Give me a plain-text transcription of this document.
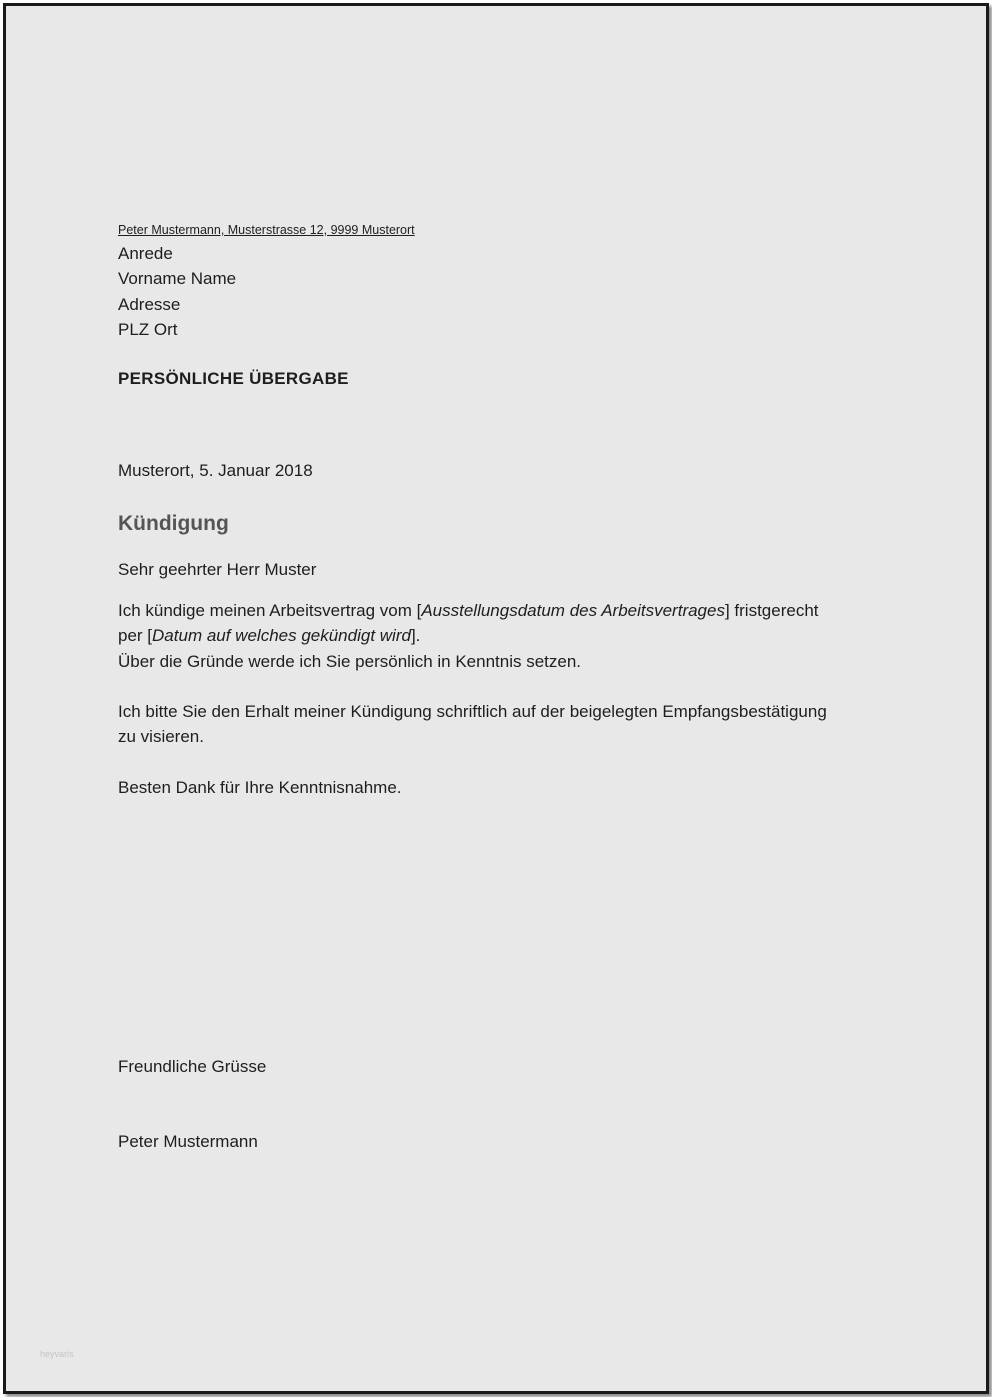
Peter Mustermann, Musterstrasse 12, 9999 Musterort
Anrede
Vorname Name
Adresse
PLZ Ort
PERSÖNLICHE ÜBERGABE
Musterort, 5. Januar 2018
Kündigung
Sehr geehrter Herr Muster
Ich kündige meinen Arbeitsvertrag vom [Ausstellungsdatum des Arbeitsvertrages] fristgerecht
per [Datum auf welches gekündigt wird].
Über die Gründe werde ich Sie persönlich in Kenntnis setzen.
Ich bitte Sie den Erhalt meiner Kündigung schriftlich auf der beigelegten Empfangsbestätigung
zu visieren.
Besten Dank für Ihre Kenntnisnahme.
Freundliche Grüsse
Peter Mustermann
heyvaris
